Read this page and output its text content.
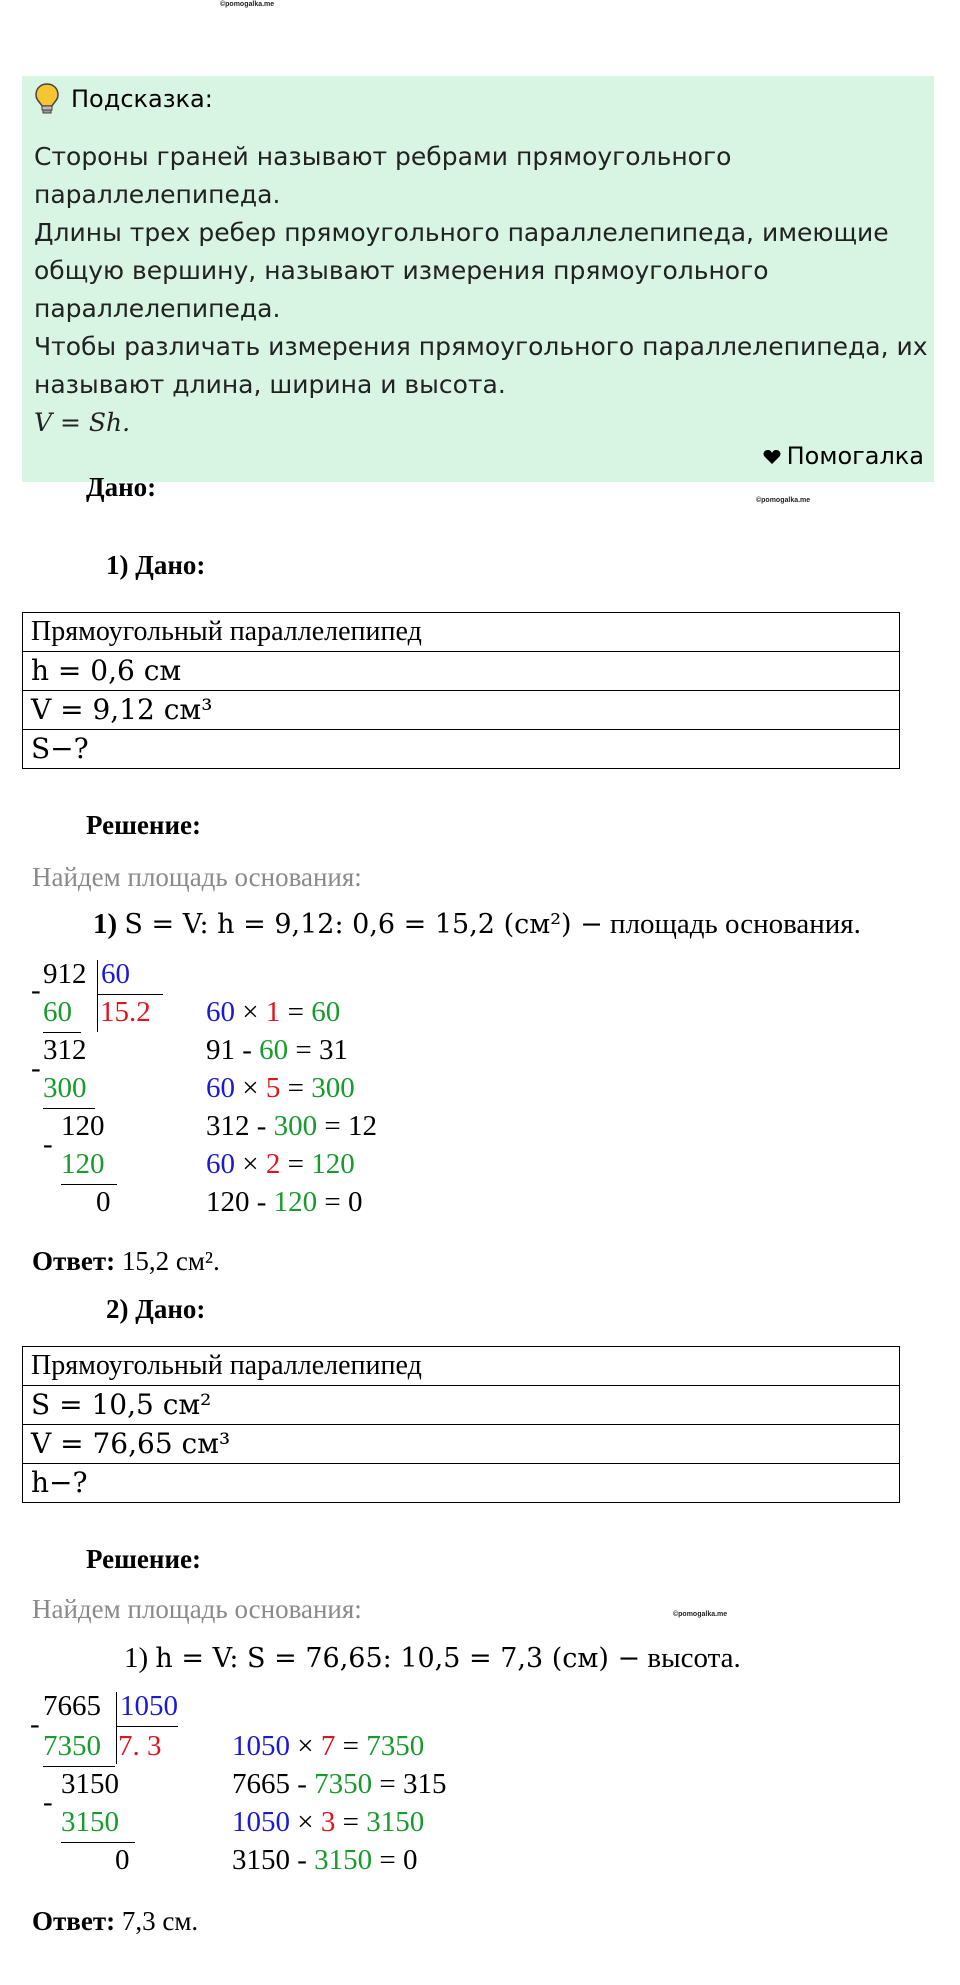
©pomogalka.me
©pomogalka.me
©pomogalka.me
Подсказка:
Стороны граней называют ребрами прямоугольного
параллелепипеда.
Длины трех ребер прямоугольного параллелепипеда, имеющие
общую вершину, называют измерения прямоугольного
параллелепипеда.
Чтобы различать измерения прямоугольного параллелепипеда, их
называют длина, ширина и высота.
V = Sh.
Помогалка
Дано:
1) Дано:
Прямоугольный параллелепипед
h = 0,6 см
V = 9,12 см³
S−?
Решение:
Найдем площадь основания:
1) S = V: h = 9,12: 0,6 = 15,2 (см²) − площадь основания.
912 60
15.2
-
60
312
-
300
120
-
120
0
60 × 1 = 60
91 - 60 = 31
60 × 5 = 300
312 - 300 = 12
60 × 2 = 120
120 - 120 = 0
Ответ: 15,2 см².
2) Дано:
Прямоугольный параллелепипед
S = 10,5 см²
V = 76,65 см³
h−?
Решение:
Найдем площадь основания:
1) h = V: S = 76,65: 10,5 = 7,3 (см) − высота.
7665 1050
7. 3
-
7350
3150
-
3150
0
1050 × 7 = 7350
7665 - 7350 = 315
1050 × 3 = 3150
3150 - 3150 = 0
Ответ: 7,3 см.
